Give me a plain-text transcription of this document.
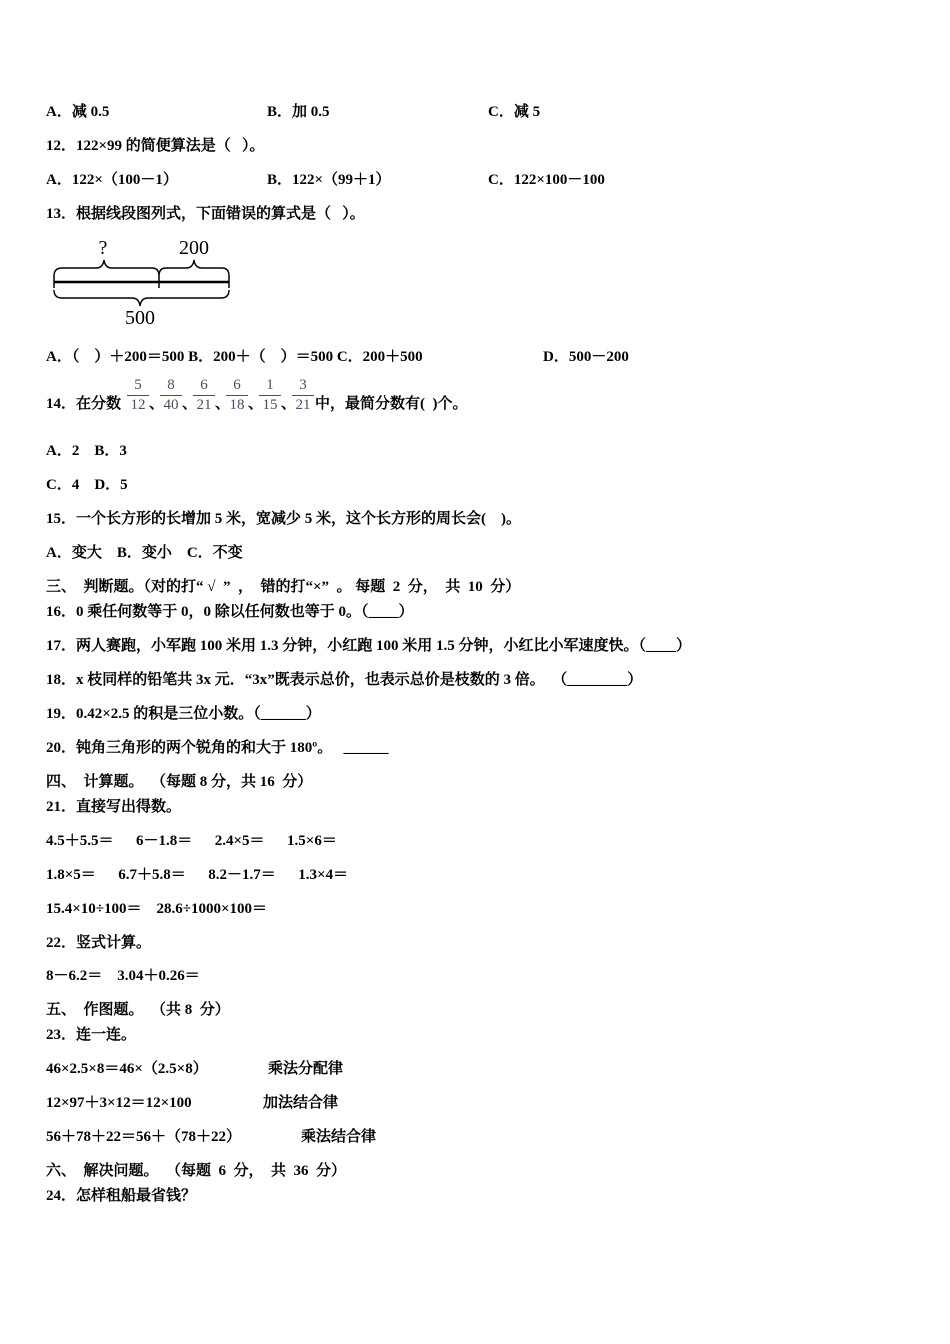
A．减 0.5	B．加 0.5	C．减 5
12．122×99 的简便算法是（   ）。
A．122×（100－1）	B．122×（99＋1）	C．122×100－100
13．根据线段图列式，下面错误的算式是（   ）。
?	200
500
A．（    ）＋200＝500 B．200＋（    ）＝500 C．200＋500	D．500－200
14．在分数
5
12 、
8
40 、
6
21 、
6
18 、
1
15 、
3
21 中，最简分数有(  )个。
A．2    B．3
C．4    D．5
15．一个长方形的长增加 5 米，宽减少 5 米，这个长方形的周长会(    )。
A．变大    B．变小    C．不变
三、  判断题。（对的打“ √  ”  ，  错的打“×”  。 每题  2  分，  共  10  分）
16．0 乘任何数等于 0，0 除以任何数也等于 0。（____）
17．两人赛跑，小军跑 100 米用 1.3 分钟，小红跑 100 米用 1.5 分钟，小红比小军速度快。（____）
18．x 枝同样的铅笔共 3x 元．“3x”既表示总价，也表示总价是枝数的 3 倍。  （________）
19．0.42×2.5 的积是三位小数。（______）
20．钝角三角形的两个锐角的和大于 180º。   ______
四、  计算题。  （每题 8 分，共 16  分）
21．直接写出得数。
4.5＋5.5＝      6－1.8＝      2.4×5＝      1.5×6＝
1.8×5＝      6.7＋5.8＝      8.2－1.7＝      1.3×4＝
15.4×10÷100＝    28.6÷1000×100＝
22．竖式计算。
8－6.2＝    3.04＋0.26＝
五、  作图题。  （共 8  分）
23．连一连。
46×2.5×8＝46×（2.5×8）	乘法分配律
12×97＋3×12＝12×100	加法结合律
56＋78＋22＝56＋（78＋22）	乘法结合律
六、  解决问题。  （每题  6  分，  共  36  分）
24．怎样租船最省钱？
